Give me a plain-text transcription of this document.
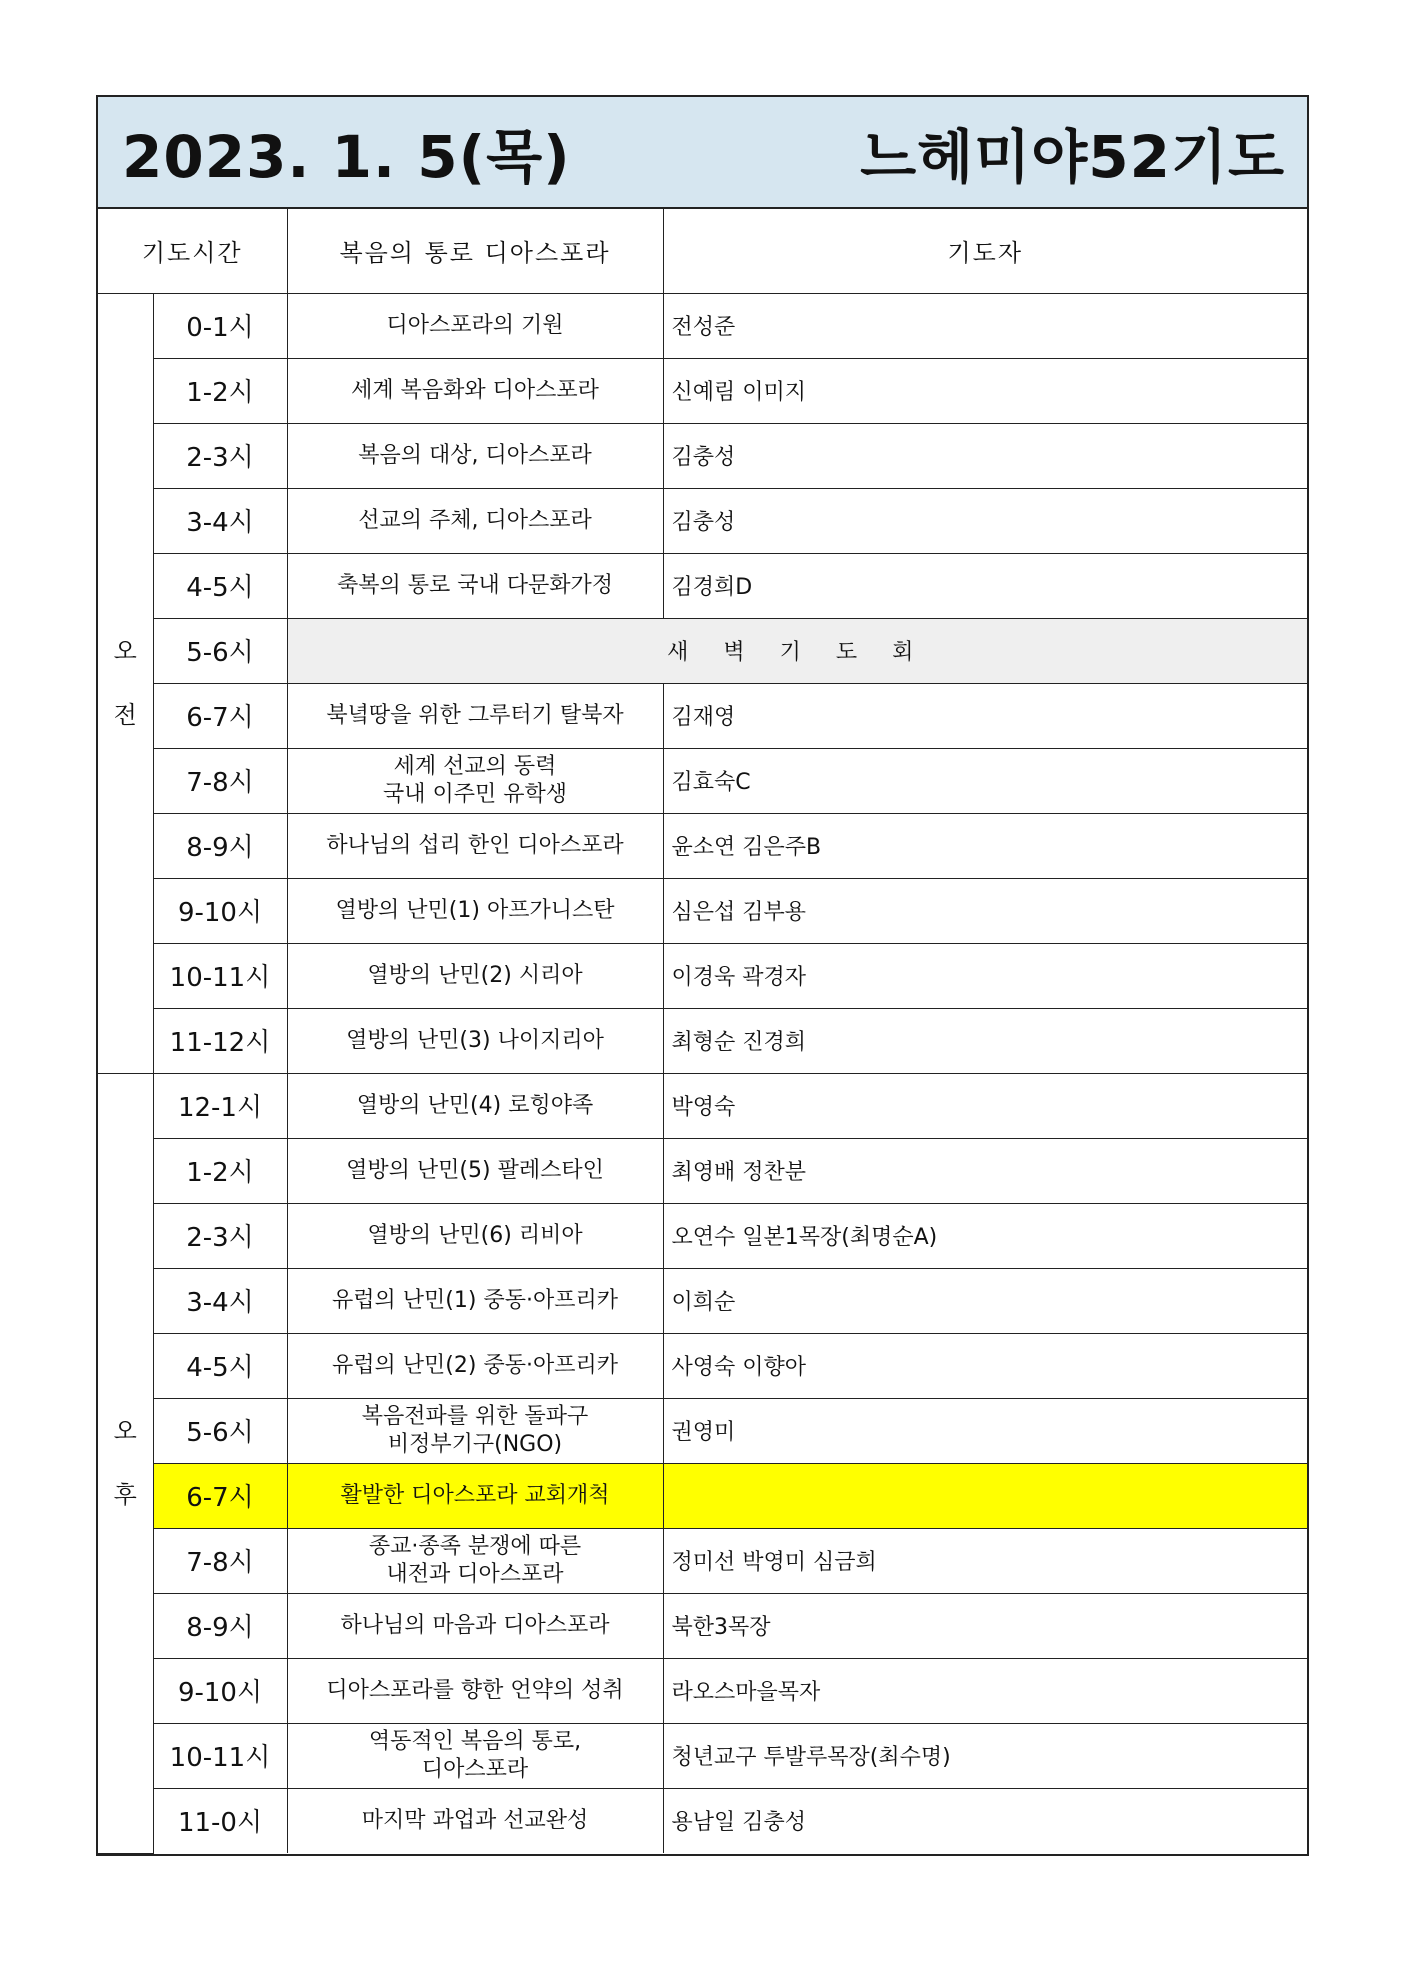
2023. 1. 5(목)	느헤미야52기도
기도시간		복음의 통로 디아스포라	기도자

오
전	0-1시	디아스포라의 기원	전성준
	1-2시	세계 복음화와 디아스포라	신예림 이미지
	2-3시	복음의 대상, 디아스포라	김충성
	3-4시	선교의 주체, 디아스포라	김충성
	4-5시	축복의 통로 국내 다문화가정	김경희D
	5-6시	새 벽 기 도 회	
	6-7시	북녘땅을 위한 그루터기 탈북자	김재영
	7-8시	세계 선교의 동력
국내 이주민 유학생	김효숙C
	8-9시	하나님의 섭리 한인 디아스포라	윤소연 김은주B
	9-10시	열방의 난민(1) 아프가니스탄	심은섭 김부용
	10-11시	열방의 난민(2) 시리아	이경욱 곽경자
	11-12시	열방의 난민(3) 나이지리아	최형순 진경희

오
후	12-1시	열방의 난민(4) 로힝야족	박영숙
	1-2시	열방의 난민(5) 팔레스타인	최영배 정찬분
	2-3시	열방의 난민(6) 리비아	오연수 일본1목장(최명순A)
	3-4시	유럽의 난민(1) 중동·아프리카	이희순
	4-5시	유럽의 난민(2) 중동·아프리카	사영숙 이향아
	5-6시	복음전파를 위한 돌파구
비정부기구(NGO)	권영미
	6-7시	활발한 디아스포라 교회개척	
	7-8시	종교·종족 분쟁에 따른
내전과 디아스포라	정미선 박영미 심금희
	8-9시	하나님의 마음과 디아스포라	북한3목장
	9-10시	디아스포라를 향한 언약의 성취	라오스마을목자
	10-11시	역동적인 복음의 통로,
디아스포라	청년교구 투발루목장(최수명)
	11-0시	마지막 과업과 선교완성	용남일 김충성
